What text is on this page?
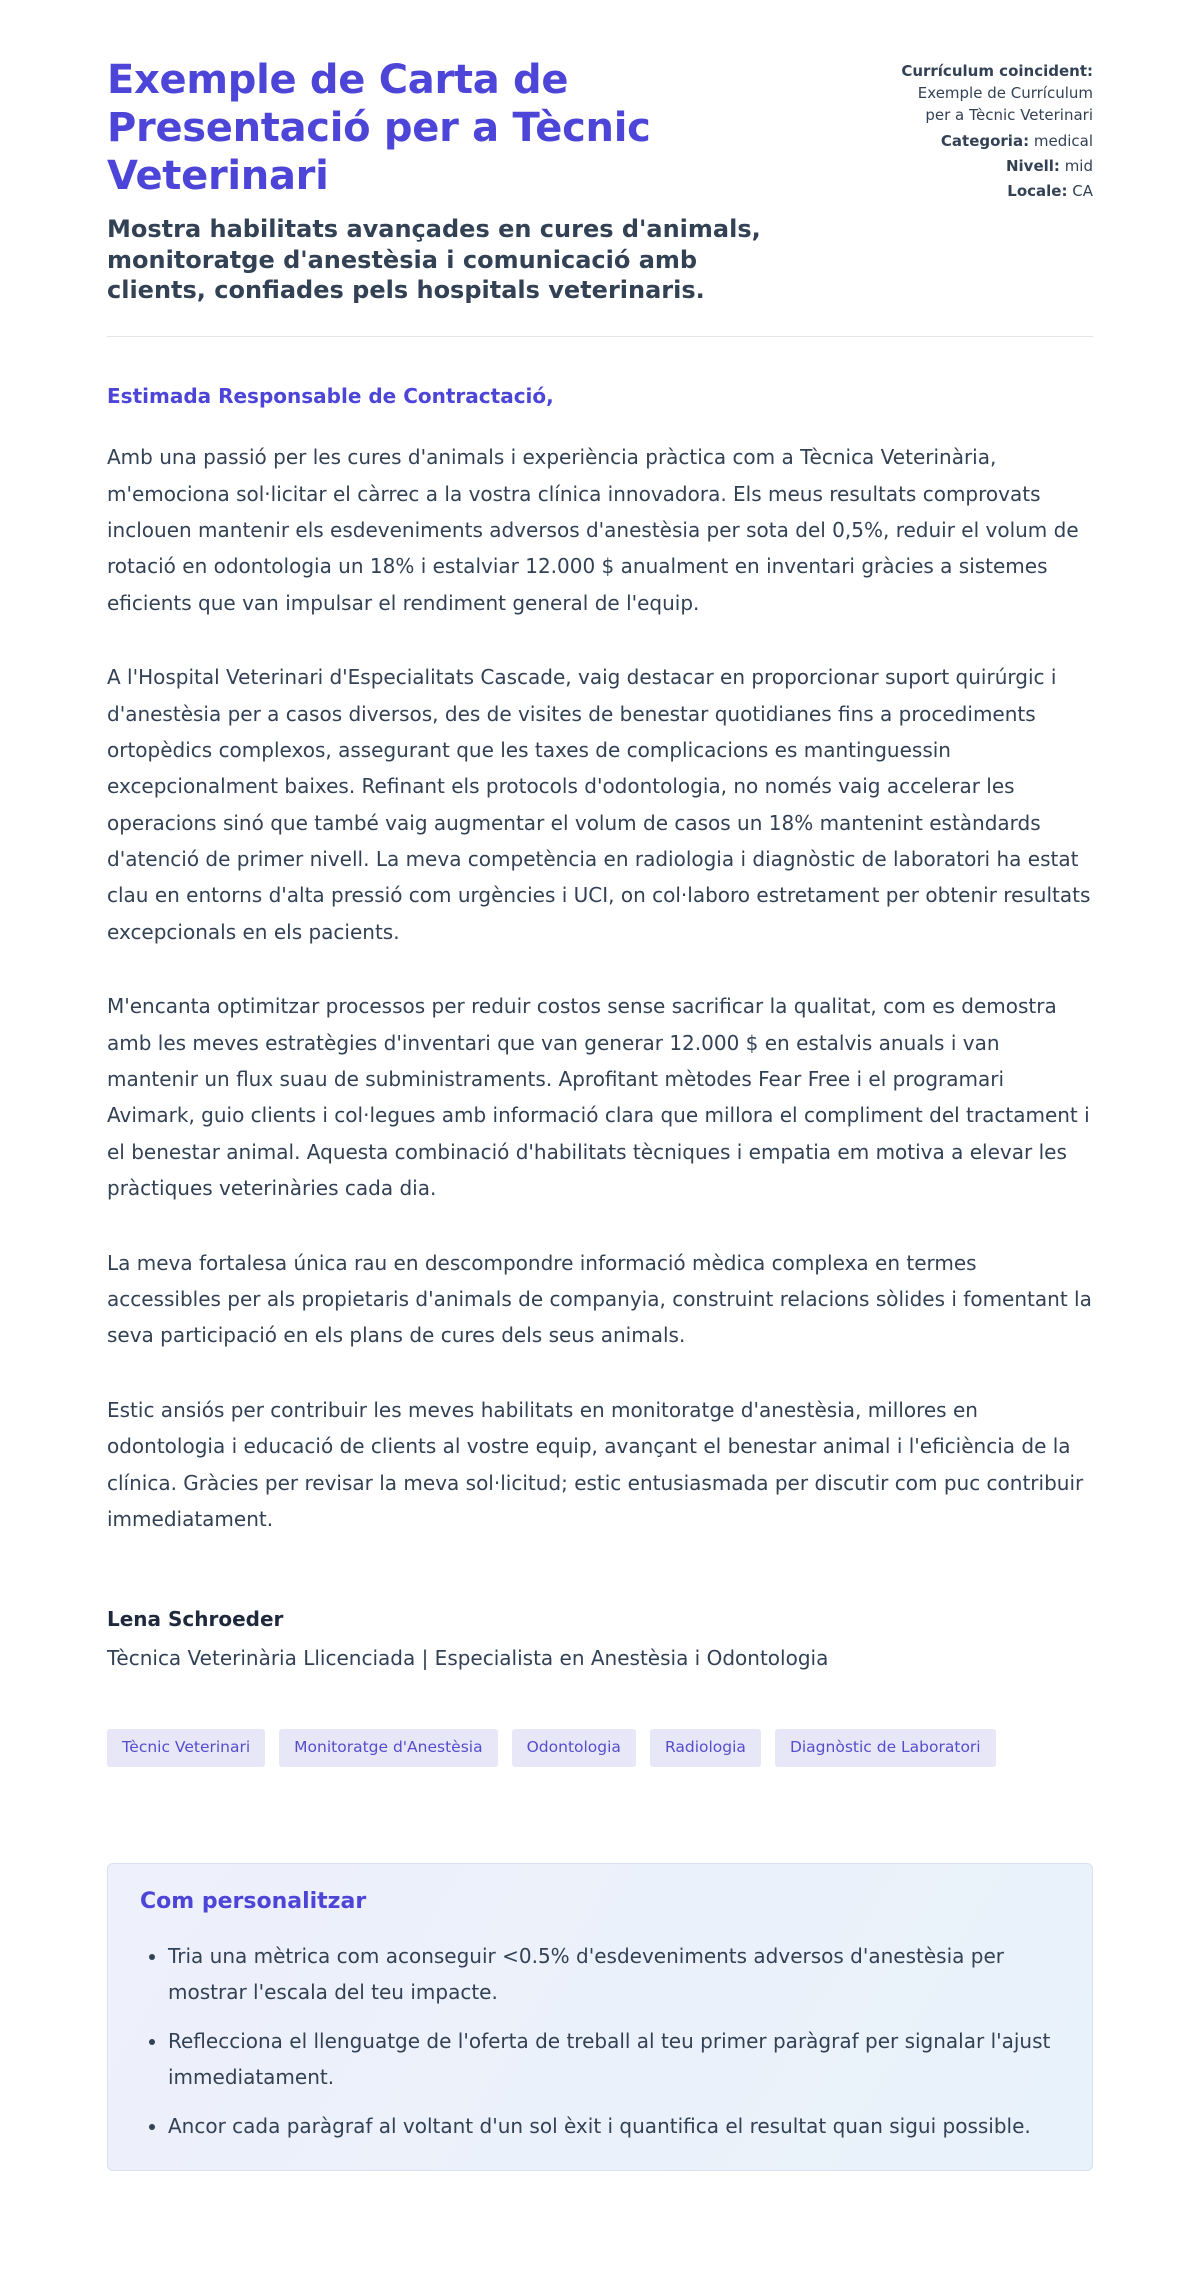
Exemple de Carta de Presentació per a Tècnic Veterinari

Mostra habilitats avançades en cures d'animals, monitoratge d'anestèsia i comunicació amb clients, confiades pels hospitals veterinaris.

Currículum coincident:
Exemple de Currículum per a Tècnic Veterinari
Categoria: medical
Nivell: mid
Locale: CA

Estimada Responsable de Contractació,

Amb una passió per les cures d'animals i experiència pràctica com a Tècnica Veterinària, m'emociona sol·licitar el càrrec a la vostra clínica innovadora. Els meus resultats comprovats inclouen mantenir els esdeveniments adversos d'anestèsia per sota del 0,5%, reduir el volum de rotació en odontologia un 18% i estalviar 12.000 $ anualment en inventari gràcies a sistemes eficients que van impulsar el rendiment general de l'equip.

A l'Hospital Veterinari d'Especialitats Cascade, vaig destacar en proporcionar suport quirúrgic i d'anestèsia per a casos diversos, des de visites de benestar quotidianes fins a procediments ortopèdics complexos, assegurant que les taxes de complicacions es mantinguessin excepcionalment baixes. Refinant els protocols d'odontologia, no només vaig accelerar les operacions sinó que també vaig augmentar el volum de casos un 18% mantenint estàndards d'atenció de primer nivell. La meva competència en radiologia i diagnòstic de laboratori ha estat clau en entorns d'alta pressió com urgències i UCI, on col·laboro estretament per obtenir resultats excepcionals en els pacients.

M'encanta optimitzar processos per reduir costos sense sacrificar la qualitat, com es demostra amb les meves estratègies d'inventari que van generar 12.000 $ en estalvis anuals i van mantenir un flux suau de subministraments. Aprofitant mètodes Fear Free i el programari Avimark, guio clients i col·legues amb informació clara que millora el compliment del tractament i el benestar animal. Aquesta combinació d'habilitats tècniques i empatia em motiva a elevar les pràctiques veterinàries cada dia.

La meva fortalesa única rau en descompondre informació mèdica complexa en termes accessibles per als propietaris d'animals de companyia, construint relacions sòlides i fomentant la seva participació en els plans de cures dels seus animals.

Estic ansiós per contribuir les meves habilitats en monitoratge d'anestèsia, millores en odontologia i educació de clients al vostre equip, avançant el benestar animal i l'eficiència de la clínica. Gràcies per revisar la meva sol·licitud; estic entusiasmada per discutir com puc contribuir immediatament.

Lena Schroeder

Tècnica Veterinària Llicenciada | Especialista en Anestèsia i Odontologia

Tècnic Veterinari	Monitoratge d'Anestèsia	Odontologia	Radiologia	Diagnòstic de Laboratori
Com personalitzar
• Tria una mètrica com aconseguir <0.5% d'esdeveniments adversos d'anestèsia per mostrar l'escala del teu impacte.
• Reflecciona el llenguatge de l'oferta de treball al teu primer paràgraf per signalar l'ajust immediatament.
• Ancor cada paràgraf al voltant d'un sol èxit i quantifica el resultat quan sigui possible.
